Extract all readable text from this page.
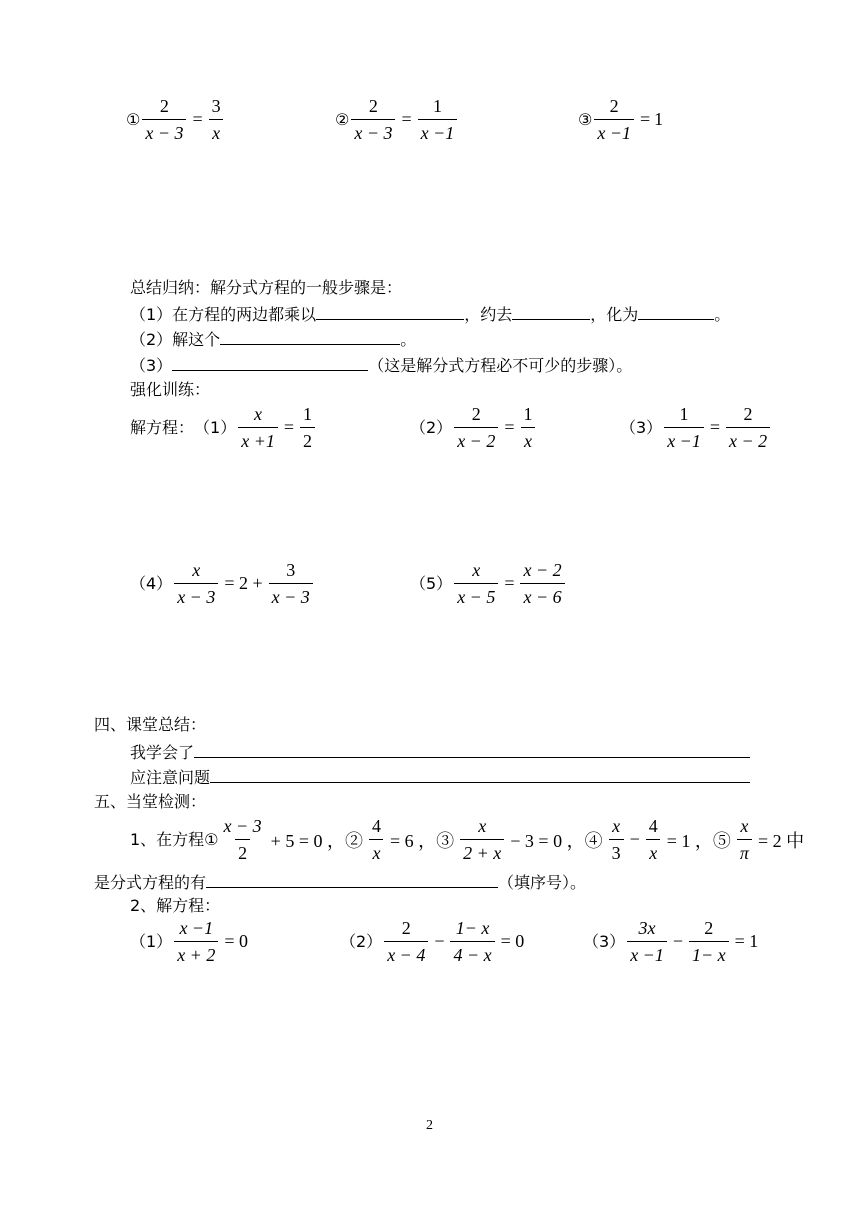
① $\frac{2}{x - 3} = \frac{3}{x}$	② $\frac{2}{x - 3} = \frac{1}{x -1}$	③ $\frac{2}{x -1} = 1$
总结归纳：解分式方程的一般步骤是：
（1）在方程的两边都乘以	，约去	，化为	。
（2）解这个	。
（3）	（这是解分式方程必不可少的步骤）。
强化训练：
解方程： $(1) \frac{x}{x +1} = \frac{1}{2}$	$(2) \frac{2}{x - 2} = \frac{1}{x}$	$(3) \frac{1}{x -1} = \frac{2}{x - 2}$
$(4) \frac{x}{x - 3} = 2 + \frac{3}{x - 3}$	$(5) \frac{x}{x - 5} = \frac{x - 2}{x - 6}$
四、课堂总结：
我学会了
应注意问题
五、当堂检测：
1、在方程① $\frac{x - 3}{2} + 5 = 0$ ，② $\frac{4}{x} = 6$ ，③ $\frac{x}{2 + x} - 3 = 0$ ，④ $\frac{x}{3} - \frac{4}{x} = 1$ ，⑤ $\frac{x}{\pi} = 2$ 中
是分式方程的有	（填序号）。
2、解方程：
$(1) \frac{x -1}{x + 2} = 0$	$(2) \frac{2}{x - 4} - \frac{1- x}{4 - x} = 0$	$(3) \frac{3x}{x -1} - \frac{2}{1- x} = 1$
2
